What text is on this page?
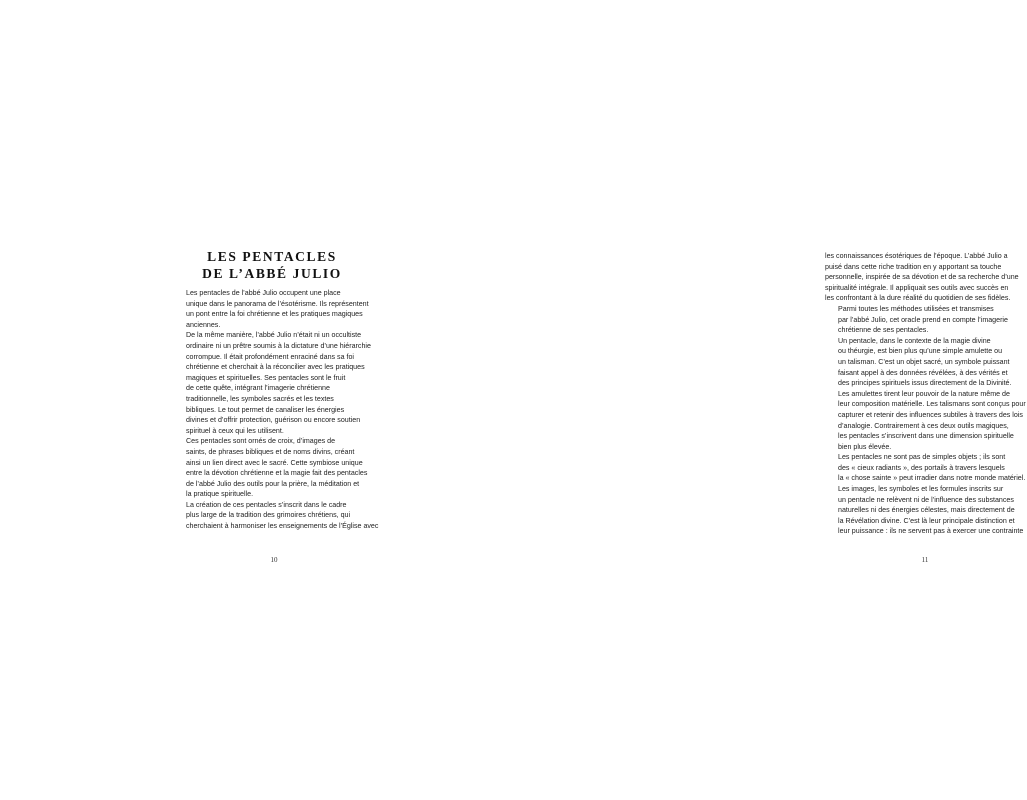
LES PENTACLES
DE L’ABBÉ JULIO

Les pentacles de l’abbé Julio occupent une place
unique dans le panorama de l’ésotérisme. Ils représentent
un pont entre la foi chrétienne et les pratiques magiques
anciennes.

De la même manière, l’abbé Julio n’était ni un occultiste
ordinaire ni un prêtre soumis à la dictature d’une hiérarchie
corrompue. Il était profondément enraciné dans sa foi
chrétienne et cherchait à la réconcilier avec les pratiques
magiques et spirituelles. Ses pentacles sont le fruit
de cette quête, intégrant l’imagerie chrétienne
traditionnelle, les symboles sacrés et les textes
bibliques. Le tout permet de canaliser les énergies
divines et d’offrir protection, guérison ou encore soutien
spirituel à ceux qui les utilisent.

Ces pentacles sont ornés de croix, d’images de
saints, de phrases bibliques et de noms divins, créant
ainsi un lien direct avec le sacré. Cette symbiose unique
entre la dévotion chrétienne et la magie fait des pentacles
de l’abbé Julio des outils pour la prière, la méditation et
la pratique spirituelle.

La création de ces pentacles s’inscrit dans le cadre
plus large de la tradition des grimoires chrétiens, qui
cherchaient à harmoniser les enseignements de l’Église avec

10

les connaissances ésotériques de l’époque. L’abbé Julio a
puisé dans cette riche tradition en y apportant sa touche
personnelle, inspirée de sa dévotion et de sa recherche d’une
spiritualité intégrale. Il appliquait ses outils avec succès en
les confrontant à la dure réalité du quotidien de ses fidèles.

Parmi toutes les méthodes utilisées et transmises
par l’abbé Julio, cet oracle prend en compte l’imagerie
chrétienne de ses pentacles.

Un pentacle, dans le contexte de la magie divine
ou théurgie, est bien plus qu’une simple amulette ou
un talisman. C’est un objet sacré, un symbole puissant
faisant appel à des données révélées, à des vérités et
des principes spirituels issus directement de la Divinité.

Les amulettes tirent leur pouvoir de la nature même de
leur composition matérielle. Les talismans sont conçus pour
capturer et retenir des influences subtiles à travers des lois
d’analogie. Contrairement à ces deux outils magiques,
les pentacles s’inscrivent dans une dimension spirituelle
bien plus élevée.

Les pentacles ne sont pas de simples objets ; ils sont
des « cieux radiants », des portails à travers lesquels
la « chose sainte » peut irradier dans notre monde matériel.
Les images, les symboles et les formules inscrits sur
un pentacle ne relèvent ni de l’influence des substances
naturelles ni des énergies célestes, mais directement de
la Révélation divine. C’est là leur principale distinction et
leur puissance : ils ne servent pas à exercer une contrainte

11
